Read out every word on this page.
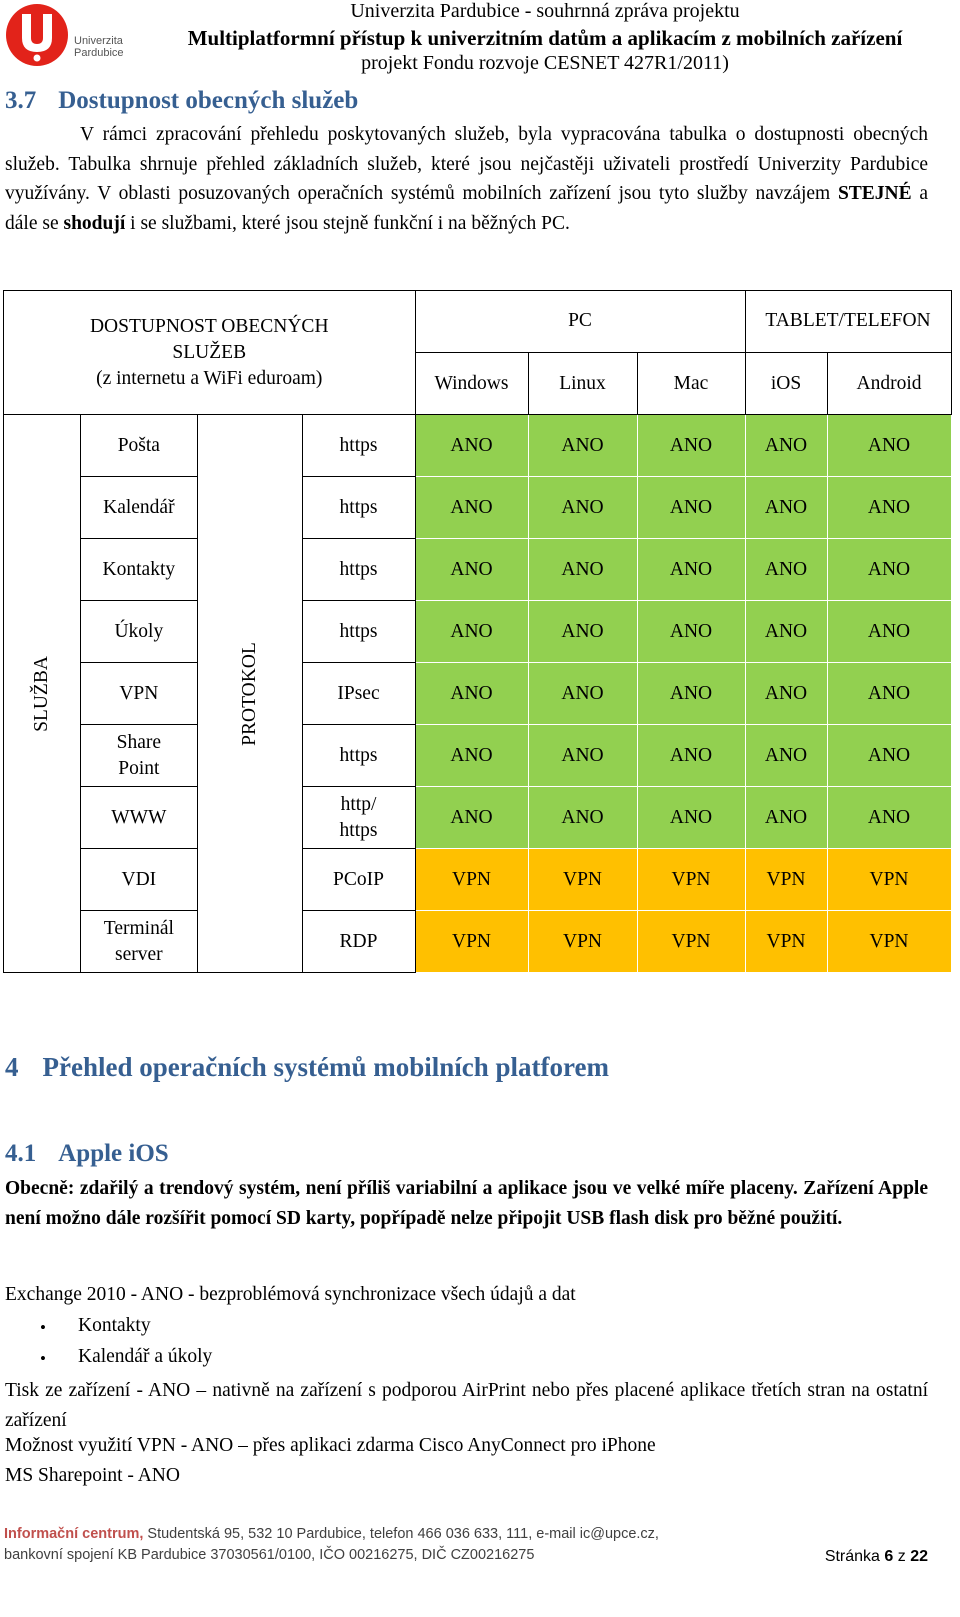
Univerzita
Pardubice
Univerzita Pardubice - souhrnná zpráva projektu
Multiplatformní přístup k univerzitním datům a aplikacím z mobilních zařízení
projekt Fondu rozvoje CESNET 427R1/2011)
3.7 Dostupnost obecných služeb
V rámci zpracování přehledu poskytovaných služeb, byla vypracována tabulka o dostupnosti obecných služeb. Tabulka shrnuje přehled základních služeb, které jsou nejčastěji uživateli prostředí Univerzity Pardubice využívány. V oblasti posuzovaných operačních systémů mobilních zařízení jsou tyto služby navzájem STEJNÉ a dále se shodují i se službami, které jsou stejně funkční i na běžných PC.
DOSTUPNOST OBECNÝCH
SLUŽEB
(z internetu a WiFi eduroam)				PC			TABLET/TELEFON	
				Windows	Linux	Mac	iOS	Android
SLUŽBA	Pošta	PROTOKOL	https	ANO	ANO	ANO	ANO	ANO

	Kalendář		https	ANO	ANO	ANO	ANO	ANO

	Kontakty		https	ANO	ANO	ANO	ANO	ANO

	Úkoly		https	ANO	ANO	ANO	ANO	ANO

	VPN		IPsec	ANO	ANO	ANO	ANO	ANO

	Share
Point		https	ANO	ANO	ANO	ANO	ANO

	WWW		http/
https	ANO	ANO	ANO	ANO	ANO

	VDI		PCoIP	VPN	VPN	VPN	VPN	VPN

	Terminál
server		RDP	VPN	VPN	VPN	VPN	VPN
4 Přehled operačních systémů mobilních platforem
4.1 Apple iOS
Obecně: zdařilý a trendový systém, není příliš variabilní a aplikace jsou ve velké míře placeny. Zařízení Apple není možno dále rozšířit pomocí SD karty, popřípadě nelze připojit USB flash disk pro běžné použití.
Exchange 2010 - ANO - bezproblémová synchronizace všech údajů a dat
• Kontakty
• Kalendář a úkoly
Tisk ze zařízení - ANO – nativně na zařízení s podporou AirPrint nebo přes placené aplikace třetích stran na ostatní zařízení
Možnost využití VPN - ANO – přes aplikaci zdarma Cisco AnyConnect pro iPhone
MS Sharepoint - ANO
Informační centrum, Studentská 95, 532 10 Pardubice, telefon 466 036 633, 111, e-mail ic@upce.cz,
bankovní spojení KB Pardubice 37030561/0100, IČO 00216275, DIČ CZ00216275	Stránka 6 z 22
